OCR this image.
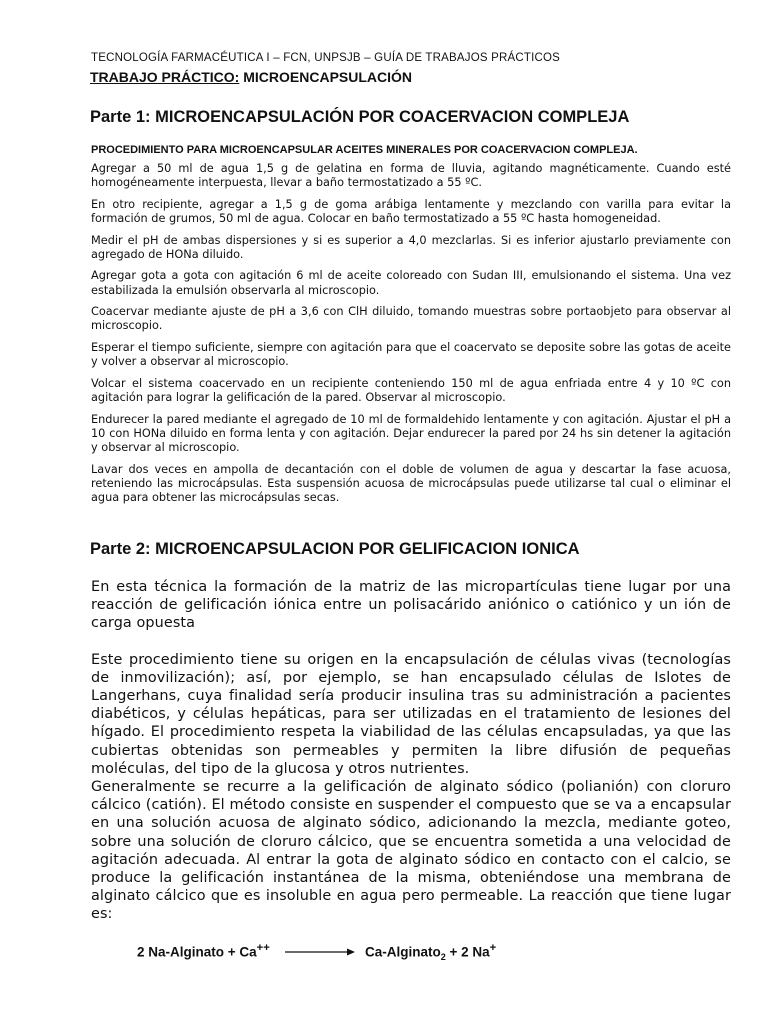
TECNOLOGÍA FARMACÉUTICA I – FCN, UNPSJB – GUÍA DE TRABAJOS PRÁCTICOS
TRABAJO PRÁCTICO: MICROENCAPSULACIÓN
Parte 1: MICROENCAPSULACIÓN POR COACERVACION COMPLEJA
PROCEDIMIENTO PARA MICROENCAPSULAR ACEITES MINERALES POR COACERVACION COMPLEJA.

Agregar a 50 ml de agua 1,5 g de gelatina en forma de lluvia, agitando magnéticamente. Cuando esté homogéneamente interpuesta, llevar a baño termostatizado a 55 ºC.

En otro recipiente, agregar a 1,5 g de goma arábiga lentamente y mezclando con varilla para evitar la formación de grumos, 50 ml de agua. Colocar en baño termostatizado a 55 ºC hasta homogeneidad.

Medir el pH de ambas dispersiones y si es superior a 4,0 mezclarlas. Si es inferior ajustarlo previamente con agregado de HONa diluido.

Agregar gota a gota con agitación 6 ml de aceite coloreado con Sudan III, emulsionando el sistema. Una vez estabilizada la emulsión observarla al microscopio.

Coacervar mediante ajuste de pH a 3,6 con ClH diluido, tomando muestras sobre portaobjeto para observar al microscopio.

Esperar el tiempo suficiente, siempre con agitación para que el coacervato se deposite sobre las gotas de aceite y volver a observar al microscopio.

Volcar el sistema coacervado en un recipiente conteniendo 150 ml de agua enfriada entre 4 y 10 ºC con agitación para lograr la gelificación de la pared. Observar al microscopio.

Endurecer la pared mediante el agregado de 10 ml de formaldehido lentamente y con agitación. Ajustar el pH a 10 con HONa diluido en forma lenta y con agitación. Dejar endurecer la pared por 24 hs sin detener la agitación y observar al microscopio.

Lavar dos veces en ampolla de decantación con el doble de volumen de agua y descartar la fase acuosa, reteniendo las microcápsulas. Esta suspensión acuosa de microcápsulas puede utilizarse tal cual o eliminar el agua para obtener las microcápsulas secas.

Parte 2: MICROENCAPSULACION POR GELIFICACION IONICA

En esta técnica la formación de la matriz de las micropartículas tiene lugar por una reacción de gelificación iónica entre un polisacárido aniónico o catiónico y un ión de carga opuesta

Este procedimiento tiene su origen en la encapsulación de células vivas (tecnologías de inmovilización); así, por ejemplo, se han encapsulado células de Islotes de Langerhans, cuya finalidad sería producir insulina tras su administración a pacientes diabéticos, y células hepáticas, para ser utilizadas en el tratamiento de lesiones del hígado. El procedimiento respeta la viabilidad de las células encapsuladas, ya que las cubiertas obtenidas son permeables y permiten la libre difusión de pequeñas moléculas, del tipo de la glucosa y otros nutrientes.

Generalmente se recurre a la gelificación de alginato sódico (polianión) con cloruro cálcico (catión). El método consiste en suspender el compuesto que se va a encapsular en una solución acuosa de alginato sódico, adicionando la mezcla, mediante goteo, sobre una solución de cloruro cálcico, que se encuentra sometida a una velocidad de agitación adecuada. Al entrar la gota de alginato sódico en contacto con el calcio, se produce la gelificación instantánea de la misma, obteniéndose una membrana de alginato cálcico que es insoluble en agua pero permeable. La reacción que tiene lugar es:

2 Na-Alginato + Ca++	Ca-Alginato$_2$ + 2 Na+
